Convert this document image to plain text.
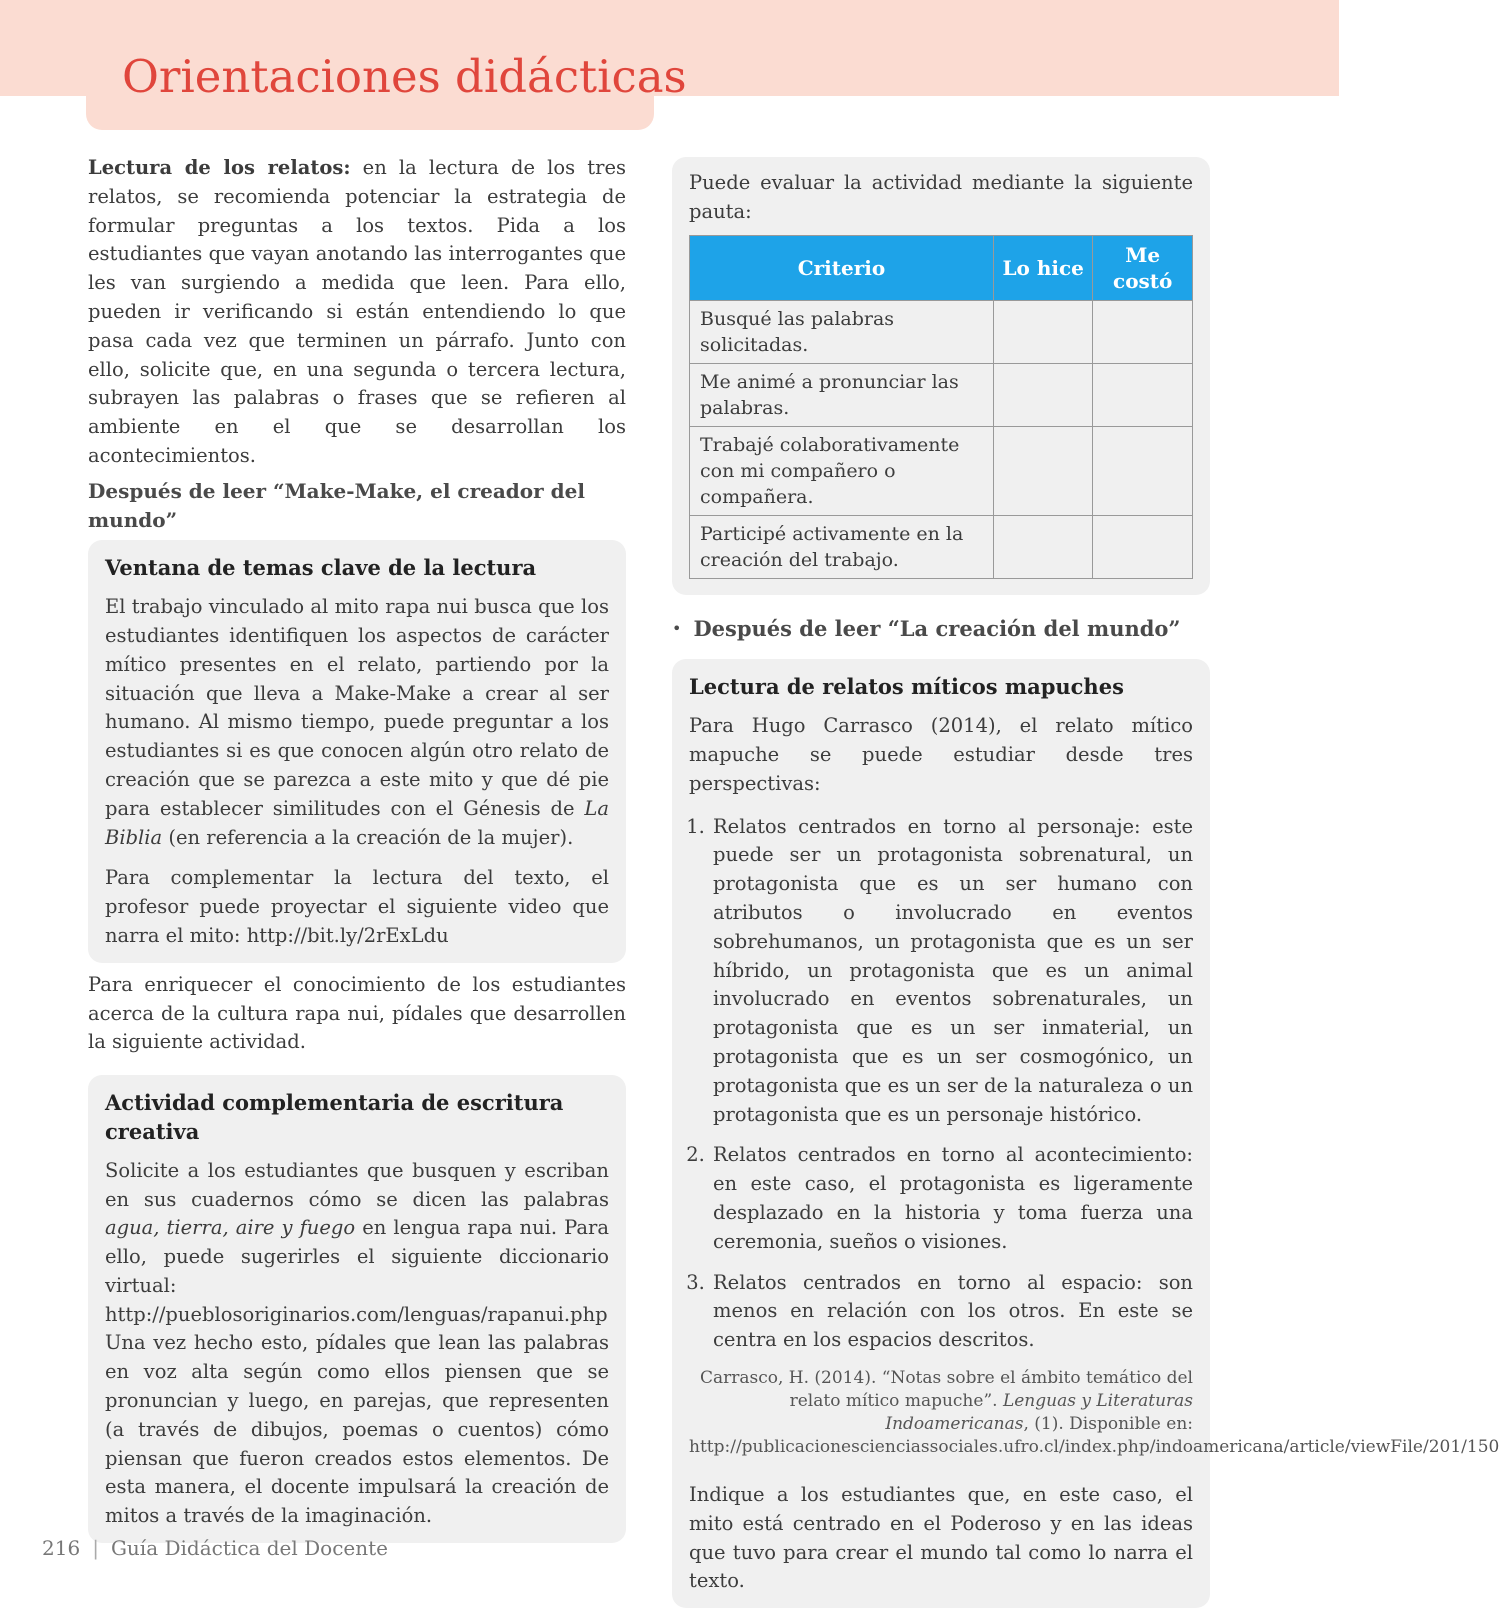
Orientaciones didácticas

Lectura de los relatos: en la lectura de los tres relatos, se recomienda potenciar la estrategia de formular preguntas a los textos. Pida a los estudiantes que vayan anotando las interrogantes que les van surgiendo a medida que leen. Para ello, pueden ir verificando si están entendiendo lo que pasa cada vez que terminen un párrafo. Junto con ello, solicite que, en una segunda o tercera lectura, subrayen las palabras o frases que se refieren al ambiente en el que se desarrollan los acontecimientos.

Después de leer “Make-Make, el creador del mundo”
Ventana de temas clave de la lectura

El trabajo vinculado al mito rapa nui busca que los estudiantes identifiquen los aspectos de carácter mítico presentes en el relato, partiendo por la situación que lleva a Make-Make a crear al ser humano. Al mismo tiempo, puede preguntar a los estudiantes si es que conocen algún otro relato de creación que se parezca a este mito y que dé pie para establecer similitudes con el Génesis de La Biblia (en referencia a la creación de la mujer).

Para complementar la lectura del texto, el profesor puede proyectar el siguiente video que narra el mito: http://bit.ly/2rExLdu

Para enriquecer el conocimiento de los estudiantes acerca de la cultura rapa nui, pídales que desarrollen la siguiente actividad.

Actividad complementaria de escritura creativa

Solicite a los estudiantes que busquen y escriban en sus cuadernos cómo se dicen las palabras agua, tierra, aire y fuego en lengua rapa nui. Para ello, puede sugerirles el siguiente diccionario virtual: http://pueblosoriginarios.com/lenguas/rapanui.php Una vez hecho esto, pídales que lean las palabras en voz alta según como ellos piensen que se pronuncian y luego, en parejas, que representen (a través de dibujos, poemas o cuentos) cómo piensan que fueron creados estos elementos. De esta manera, el docente impulsará la creación de mitos a través de la imaginación.

Puede evaluar la actividad mediante la siguiente pauta:

Criterio	Lo hice	Me costó
Busqué las palabras solicitadas.		
Me animé a pronunciar las palabras.		
Trabajé colaborativamente con mi compañero o compañera.		
Participé activamente en la creación del trabajo.		
• Después de leer “La creación del mundo”
Lectura de relatos míticos mapuches

Para Hugo Carrasco (2014), el relato mítico mapuche se puede estudiar desde tres perspectivas:

1. Relatos centrados en torno al personaje: este puede ser un protagonista sobrenatural, un protagonista que es un ser humano con atributos o involucrado en eventos sobrehumanos, un protagonista que es un ser híbrido, un protagonista que es un animal involucrado en eventos sobrenaturales, un protagonista que es un ser inmaterial, un protagonista que es un ser cosmogónico, un protagonista que es un ser de la naturaleza o un protagonista que es un personaje histórico.
2. Relatos centrados en torno al acontecimiento: en este caso, el protagonista es ligeramente desplazado en la historia y toma fuerza una ceremonia, sueños o visiones.
3. Relatos centrados en torno al espacio: son menos en relación con los otros. En este se centra en los espacios descritos.
Carrasco, H. (2014). “Notas sobre el ámbito temático del relato mítico mapuche”. Lenguas y Literaturas Indoamericanas, (1). Disponible en: http://publicacionescienciassociales.ufro.cl/index.php/indoamericana/article/viewFile/201/150

Indique a los estudiantes que, en este caso, el mito está centrado en el Poderoso y en las ideas que tuvo para crear el mundo tal como lo narra el texto.

216 | Guía Didáctica del Docente
